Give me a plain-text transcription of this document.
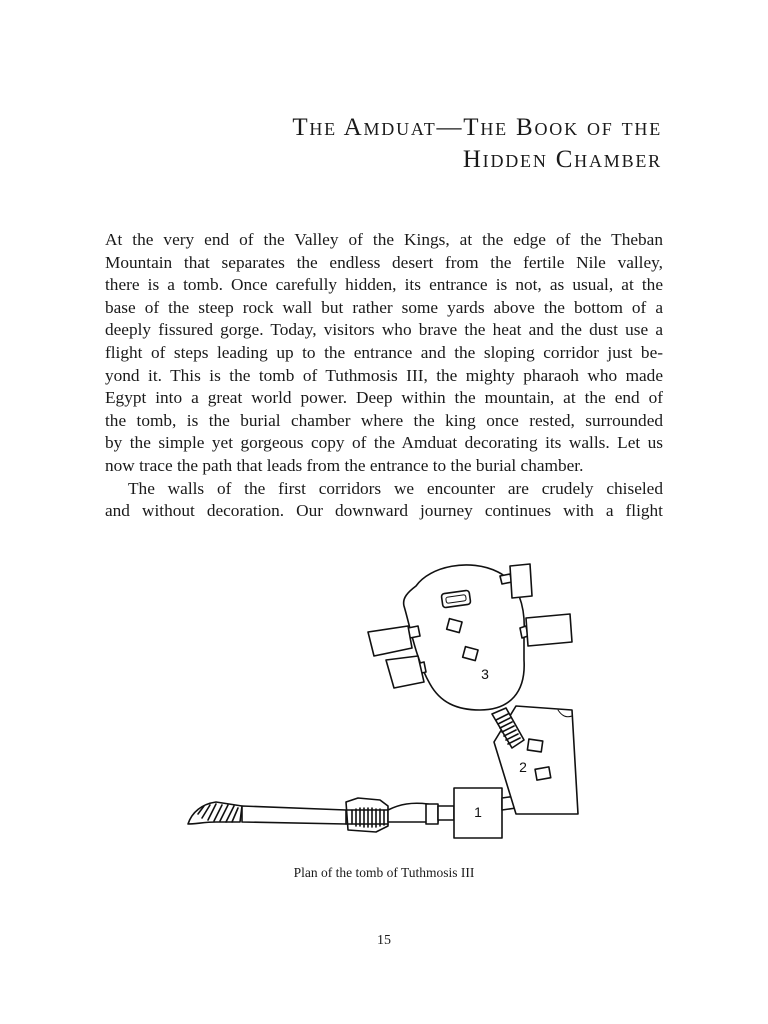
The Amduat—The Book of the
Hidden Chamber

At the very end of the Valley of the Kings, at the edge of the Theban

Mountain that separates the endless desert from the fertile Nile valley,

there is a tomb. Once carefully hidden, its entrance is not, as usual, at the

base of the steep rock wall but rather some yards above the bottom of a

deeply fissured gorge. Today, visitors who brave the heat and the dust use a

flight of steps leading up to the entrance and the sloping corridor just be-

yond it. This is the tomb of Tuthmosis III, the mighty pharaoh who made

Egypt into a great world power. Deep within the mountain, at the end of

the tomb, is the burial chamber where the king once rested, surrounded

by the simple yet gorgeous copy of the Amduat decorating its walls. Let us

now trace the path that leads from the entrance to the burial chamber.

The walls of the first corridors we encounter are crudely chiseled

and without decoration. Our downward journey continues with a flight

1
2
3
Plan of the tomb of Tuthmosis III
15
